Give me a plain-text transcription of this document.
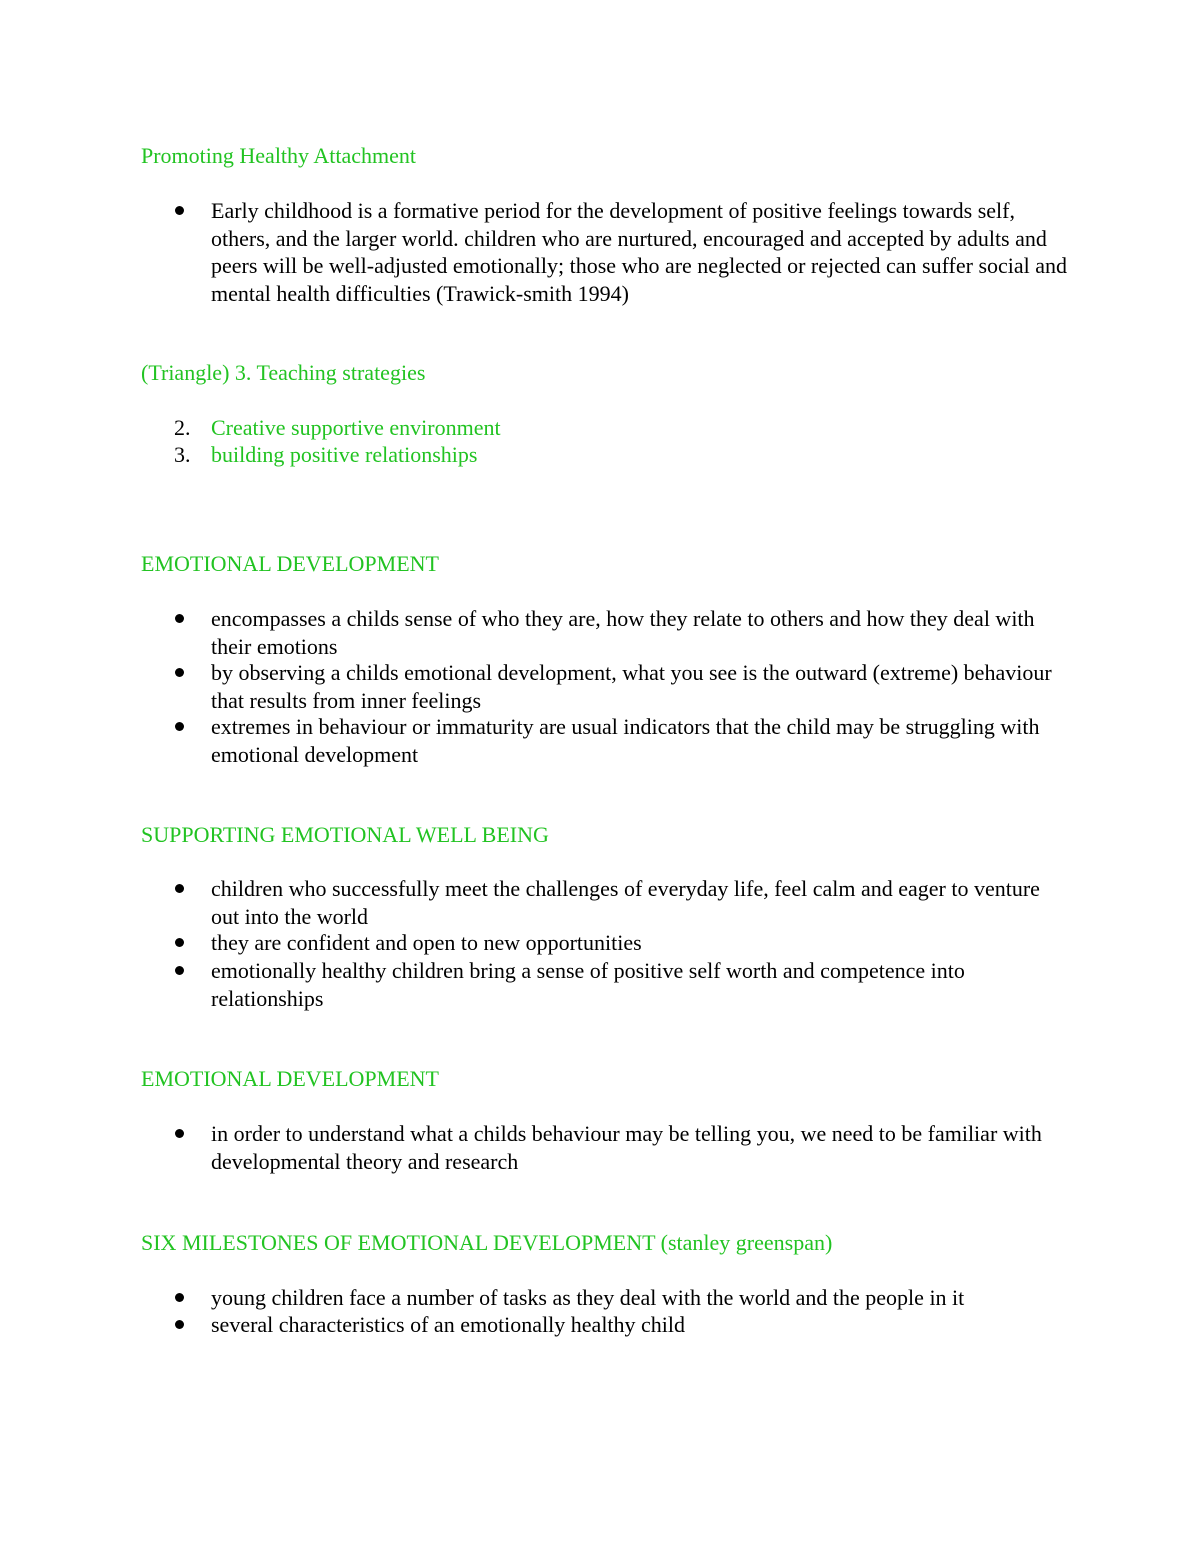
Promoting Healthy Attachment
Early childhood is a formative period for the development of positive feelings towards self, others, and the larger world. children who are nurtured, encouraged and accepted by adults and peers will be well-adjusted emotionally; those who are neglected or rejected can suffer social and mental health difficulties (Trawick-smith 1994)
(Triangle) 3. Teaching strategies
2. Creative supportive environment
3. building positive relationships
EMOTIONAL DEVELOPMENT
encompasses a childs sense of who they are, how they relate to others and how they deal with their emotions
by observing a childs emotional development, what you see is the outward (extreme) behaviour that results from inner feelings
extremes in behaviour or immaturity are usual indicators that the child may be struggling with emotional development
SUPPORTING EMOTIONAL WELL BEING
children who successfully meet the challenges of everyday life, feel calm and eager to venture out into the world
they are confident and open to new opportunities
emotionally healthy children bring a sense of positive self worth and competence into relationships
EMOTIONAL DEVELOPMENT
in order to understand what a childs behaviour may be telling you, we need to be familiar with developmental theory and research
SIX MILESTONES OF EMOTIONAL DEVELOPMENT (stanley greenspan)
young children face a number of tasks as they deal with the world and the people in it
several characteristics of an emotionally healthy child
